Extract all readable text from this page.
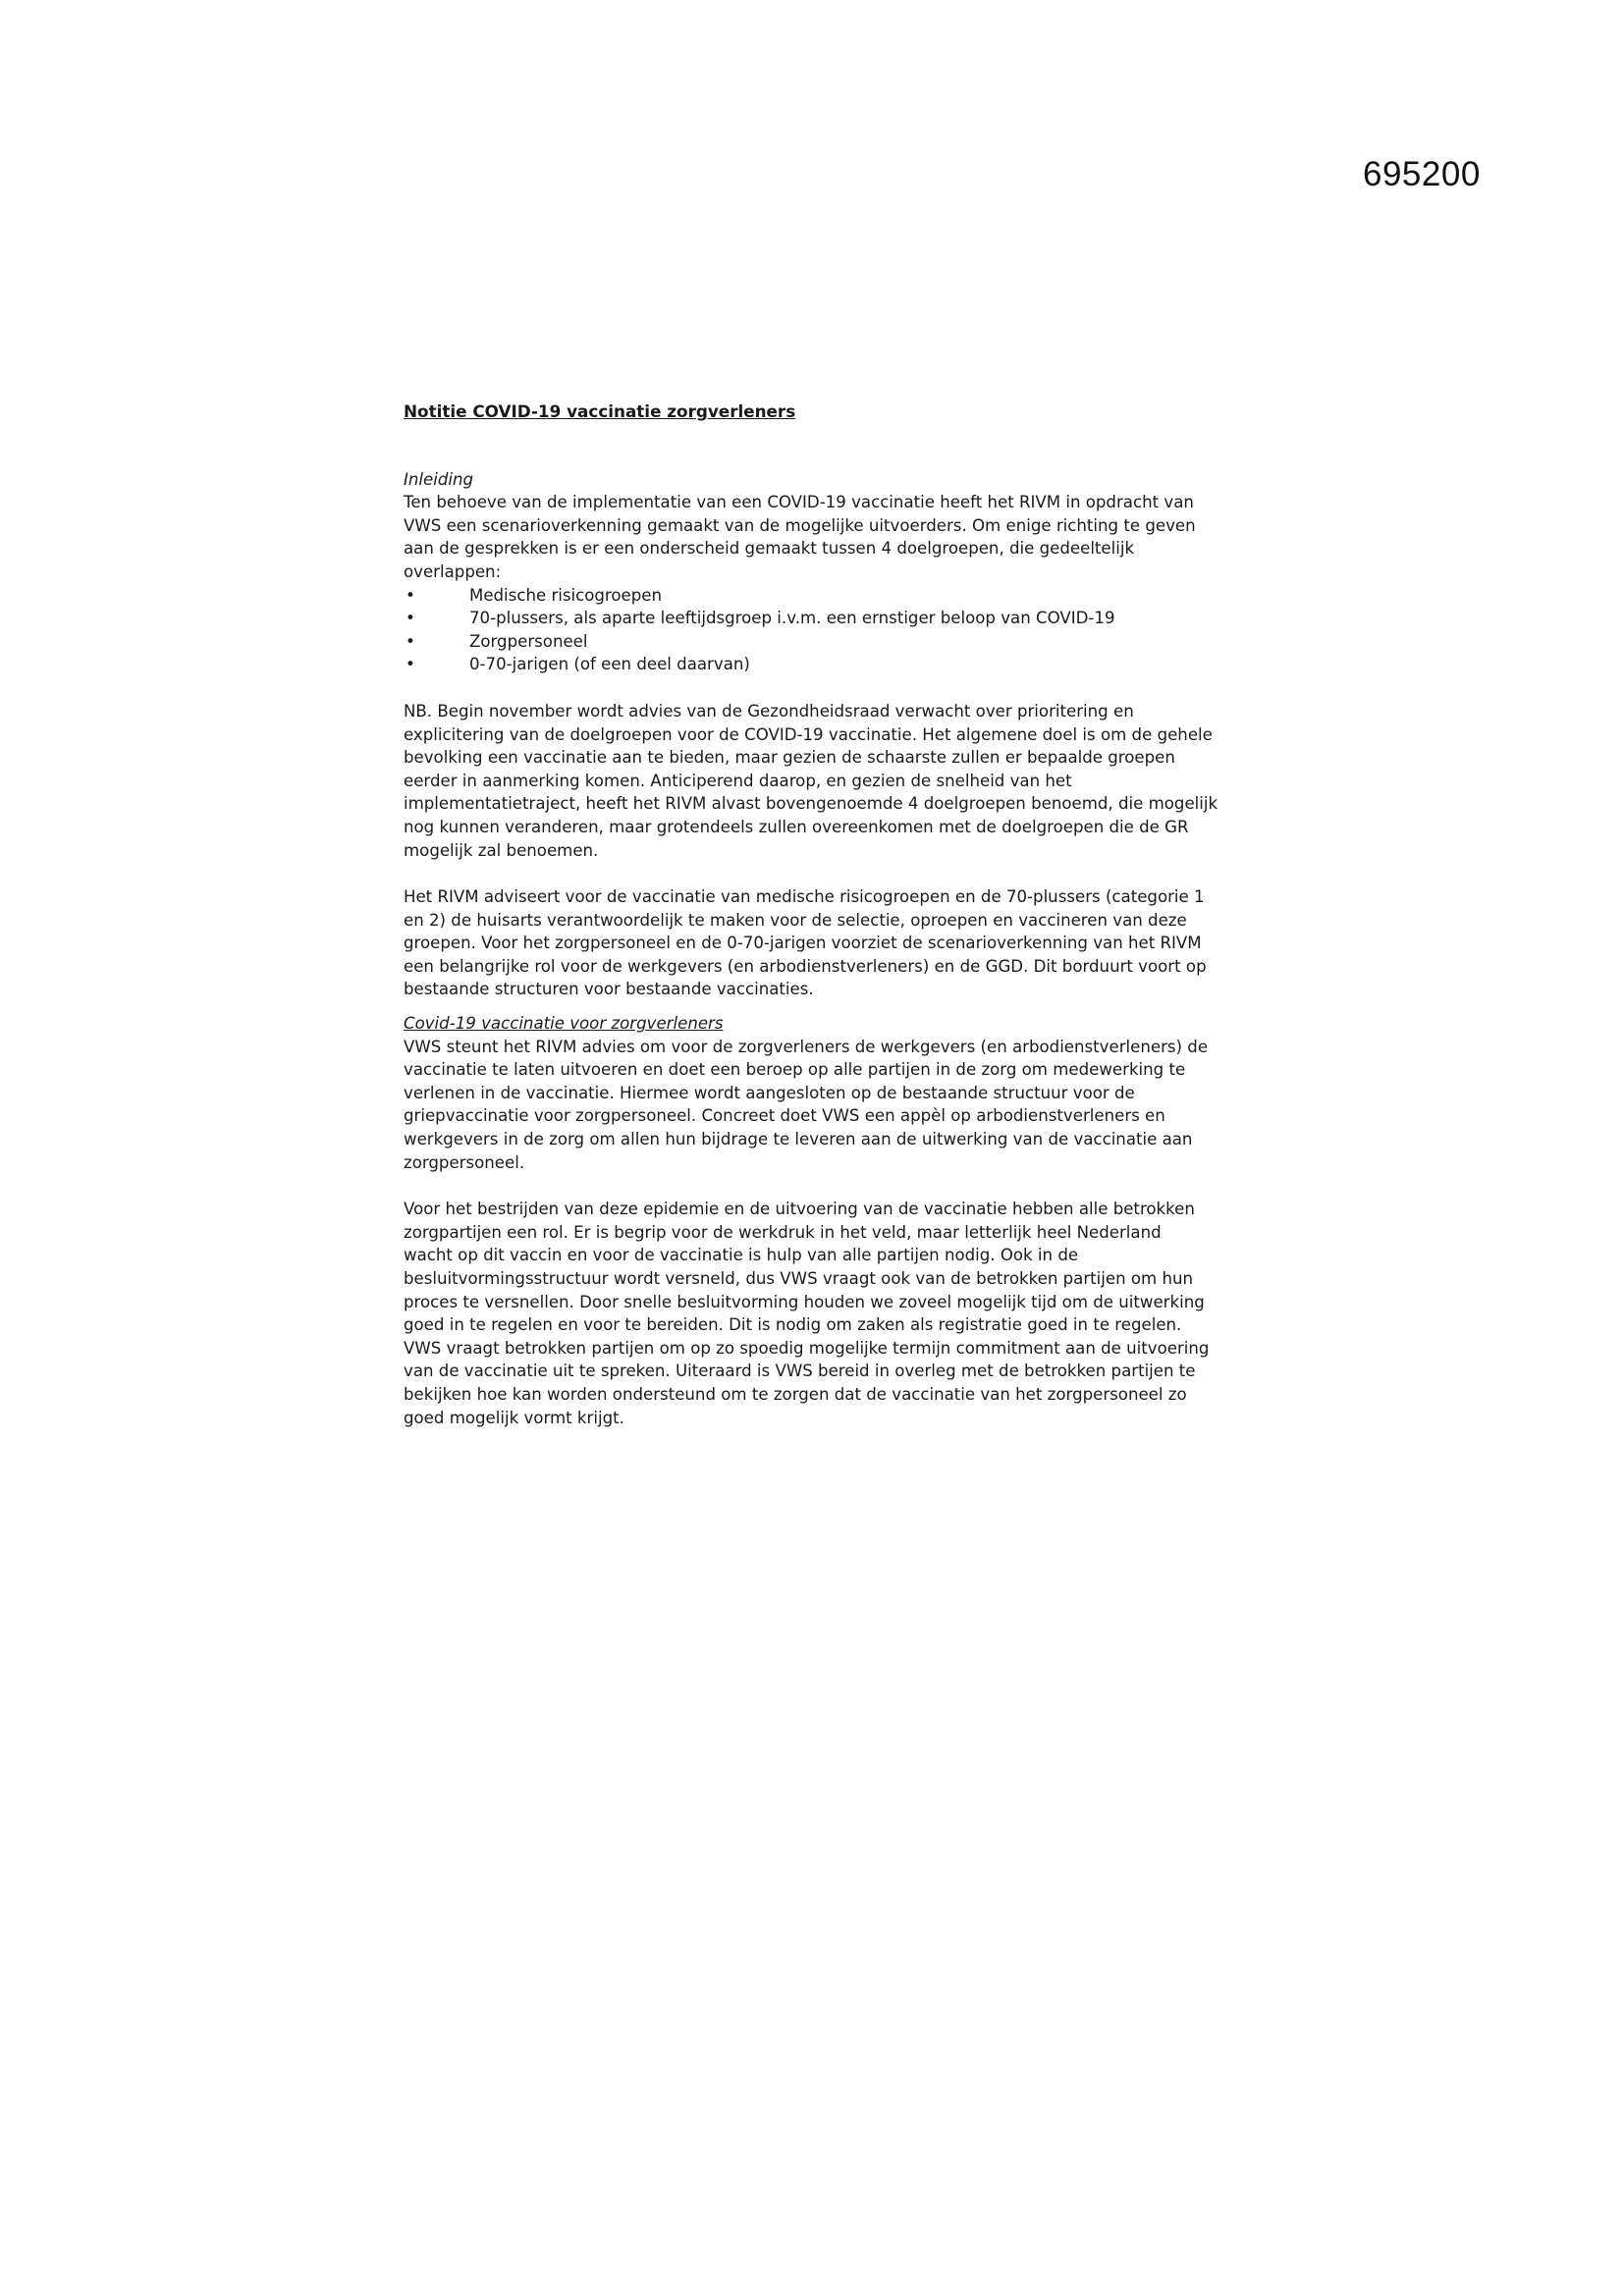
695200

Notitie COVID-19 vaccinatie zorgverleners

Inleiding

Ten behoeve van de implementatie van een COVID-19 vaccinatie heeft het RIVM in opdracht van
VWS een scenarioverkenning gemaakt van de mogelijke uitvoerders. Om enige richting te geven
aan de gesprekken is er een onderscheid gemaakt tussen 4 doelgroepen, die gedeeltelijk
overlappen:

•	Medische risicogroepen
•	70-plussers, als aparte leeftijdsgroep i.v.m. een ernstiger beloop van COVID-19
•	Zorgpersoneel
•	0-70-jarigen (of een deel daarvan)

NB. Begin november wordt advies van de Gezondheidsraad verwacht over prioritering en
explicitering van de doelgroepen voor de COVID-19 vaccinatie. Het algemene doel is om de gehele
bevolking een vaccinatie aan te bieden, maar gezien de schaarste zullen er bepaalde groepen
eerder in aanmerking komen. Anticiperend daarop, en gezien de snelheid van het
implementatietraject, heeft het RIVM alvast bovengenoemde 4 doelgroepen benoemd, die mogelijk
nog kunnen veranderen, maar grotendeels zullen overeenkomen met de doelgroepen die de GR
mogelijk zal benoemen.

Het RIVM adviseert voor de vaccinatie van medische risicogroepen en de 70-plussers (categorie 1
en 2) de huisarts verantwoordelijk te maken voor de selectie, oproepen en vaccineren van deze
groepen. Voor het zorgpersoneel en de 0-70-jarigen voorziet de scenarioverkenning van het RIVM
een belangrijke rol voor de werkgevers (en arbodienstverleners) en de GGD. Dit borduurt voort op
bestaande structuren voor bestaande vaccinaties.

Covid-19 vaccinatie voor zorgverleners

VWS steunt het RIVM advies om voor de zorgverleners de werkgevers (en arbodienstverleners) de
vaccinatie te laten uitvoeren en doet een beroep op alle partijen in de zorg om medewerking te
verlenen in de vaccinatie. Hiermee wordt aangesloten op de bestaande structuur voor de
griepvaccinatie voor zorgpersoneel. Concreet doet VWS een appèl op arbodienstverleners en
werkgevers in de zorg om allen hun bijdrage te leveren aan de uitwerking van de vaccinatie aan
zorgpersoneel.

Voor het bestrijden van deze epidemie en de uitvoering van de vaccinatie hebben alle betrokken
zorgpartijen een rol. Er is begrip voor de werkdruk in het veld, maar letterlijk heel Nederland
wacht op dit vaccin en voor de vaccinatie is hulp van alle partijen nodig. Ook in de
besluitvormingsstructuur wordt versneld, dus VWS vraagt ook van de betrokken partijen om hun
proces te versnellen. Door snelle besluitvorming houden we zoveel mogelijk tijd om de uitwerking
goed in te regelen en voor te bereiden. Dit is nodig om zaken als registratie goed in te regelen.
VWS vraagt betrokken partijen om op zo spoedig mogelijke termijn commitment aan de uitvoering
van de vaccinatie uit te spreken. Uiteraard is VWS bereid in overleg met de betrokken partijen te
bekijken hoe kan worden ondersteund om te zorgen dat de vaccinatie van het zorgpersoneel zo
goed mogelijk vormt krijgt.
